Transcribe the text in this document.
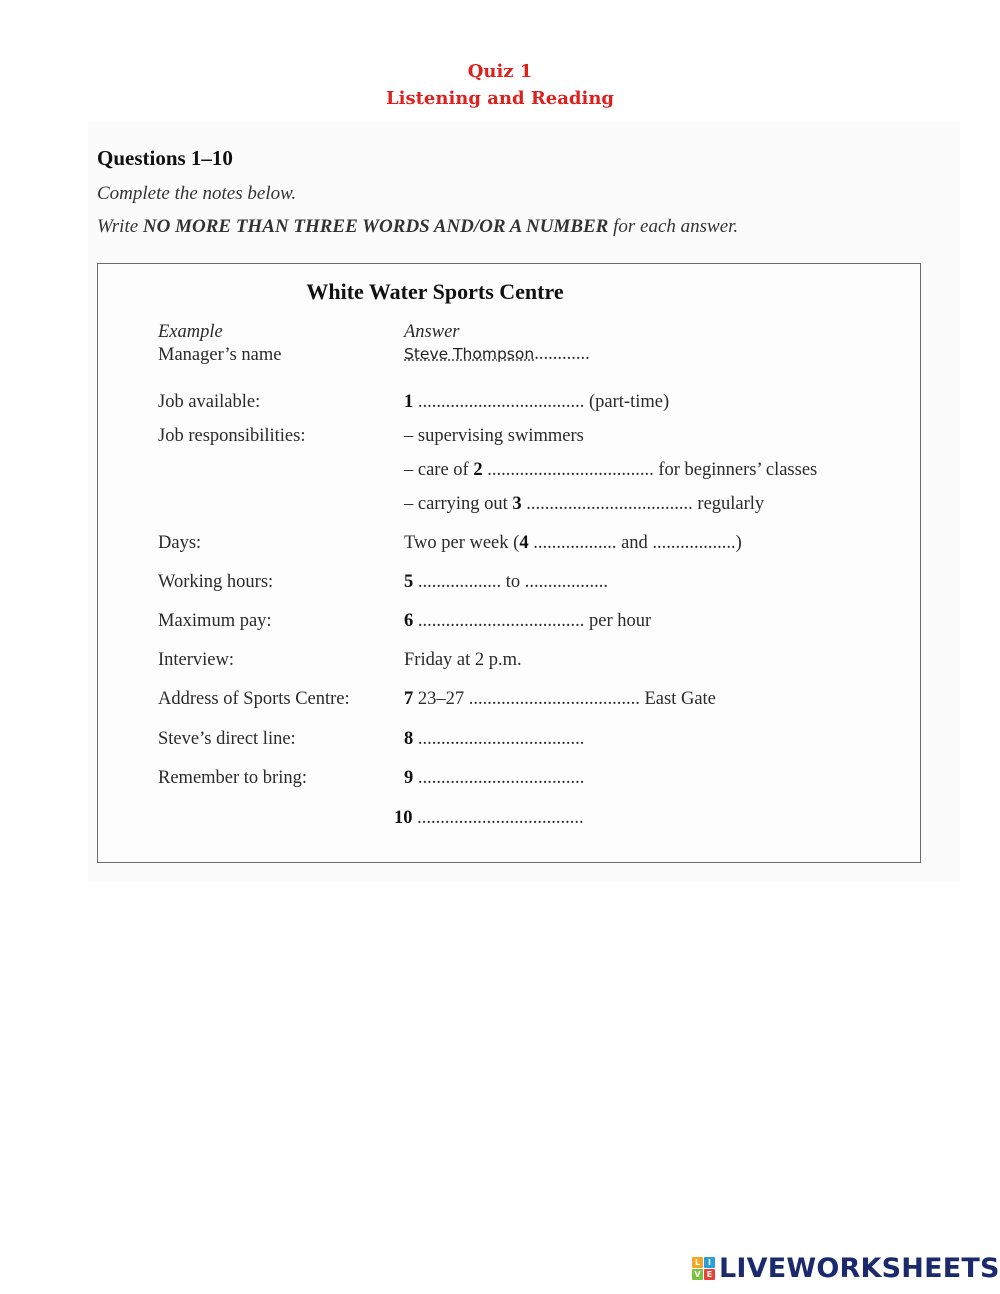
Quiz 1
Listening and Reading
Questions 1–10
Complete the notes below.
Write NO MORE THAN THREE WORDS AND/OR A NUMBER for each answer.
White Water Sports Centre
Example	Answer
Manager’s name	Steve Thompson............
Job available:	1 .................................... (part-time)
Job responsibilities:	– supervising swimmers
– care of 2 .................................... for beginners’ classes
– carrying out 3 .................................... regularly
Days:	Two per week (4 .................. and ..................)
Working hours:	5 .................. to ..................
Maximum pay:	6 .................................... per hour
Interview:	Friday at 2 p.m.
Address of Sports Centre:	7 23–27 ..................................... East Gate
Steve’s direct line:	8 ....................................
Remember to bring:	9 ....................................
10 ....................................
L I
V E LIVEWORKSHEETS
